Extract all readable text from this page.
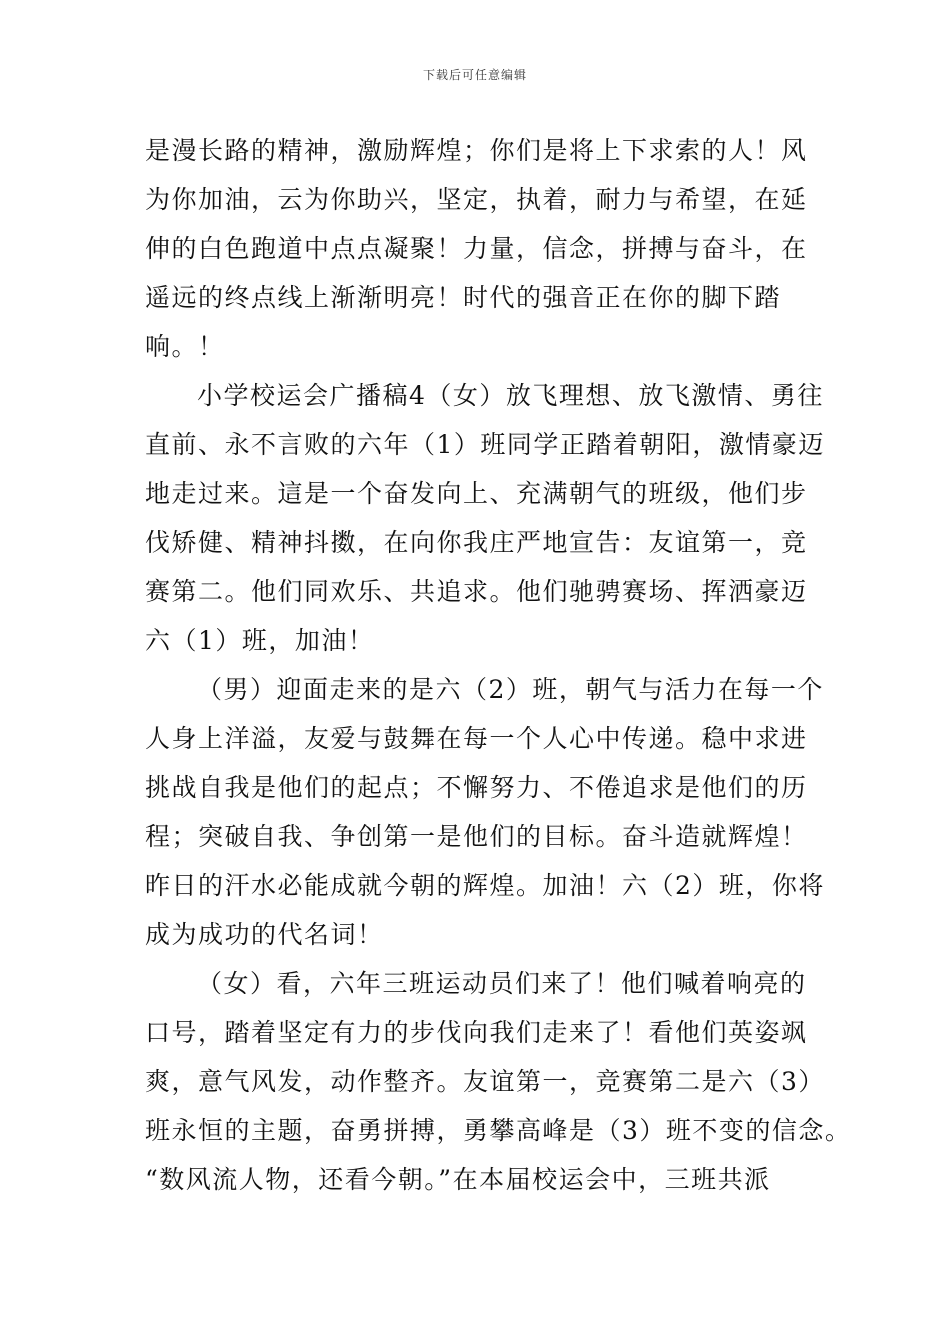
下载后可任意编辑
是漫长路的精神，激励辉煌；你们是将上下求索的人！风
为你加油，云为你助兴，坚定，执着，耐力与希望，在延
伸的白色跑道中点点凝聚！力量，信念，拼搏与奋斗，在
遥远的终点线上渐渐明亮！时代的强音正在你的脚下踏
响。！
小学校运会广播稿4（女）放飞理想、放飞激情、勇往
直前、永不言败的六年（1）班同学正踏着朝阳，激情豪迈
地走过来。這是一个奋发向上、充满朝气的班级，他们步
伐矫健、精神抖擞，在向你我庄严地宣告：友谊第一，竞
赛第二。他们同欢乐、共追求。他们驰骋赛场、挥洒豪迈
六（1）班，加油！
（男）迎面走来的是六（2）班，朝气与活力在每一个
人身上洋溢，友爱与鼓舞在每一个人心中传递。稳中求进
挑战自我是他们的起点；不懈努力、不倦追求是他们的历
程；突破自我、争创第一是他们的目标。奋斗造就辉煌！
昨日的汗水必能成就今朝的辉煌。加油！六（2）班，你将
成为成功的代名词！
（女）看，六年三班运动员们来了！他们喊着响亮的
口号，踏着坚定有力的步伐向我们走来了！看他们英姿飒
爽，意气风发，动作整齐。友谊第一，竞赛第二是六（3）
班永恒的主题，奋勇拼搏，勇攀高峰是（3）班不变的信念。
“数风流人物，还看今朝。”在本届校运会中，三班共派
